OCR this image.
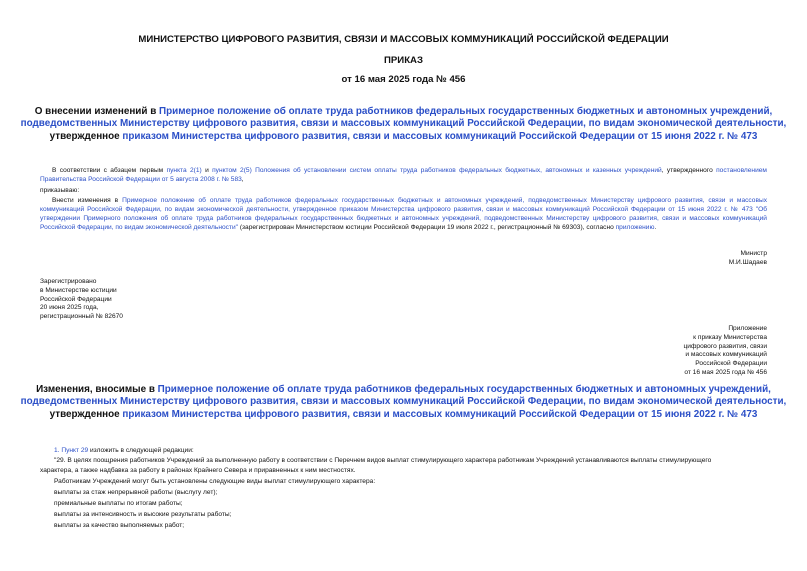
МИНИСТЕРСТВО ЦИФРОВОГО РАЗВИТИЯ, СВЯЗИ И МАССОВЫХ КОММУНИКАЦИЙ РОССИЙСКОЙ ФЕДЕРАЦИИ
ПРИКАЗ
от 16 мая 2025 года № 456
О внесении изменений в Примерное положение об оплате труда работников федеральных государственных бюджетных и автономных учреждений, подведомственных Министерству цифрового развития, связи и массовых коммуникаций Российской Федерации, по видам экономической деятельности, утвержденное приказом Министерства цифрового развития, связи и массовых коммуникаций Российской Федерации от 15 июня 2022 г. № 473
В соответствии с абзацем первым пункта 2(1) и пунктом 2(5) Положения об установлении систем оплаты труда работников федеральных бюджетных, автономных и казенных учреждений, утвержденного постановлением Правительства Российской Федерации от 5 августа 2008 г. № 583,
приказываю:
Внести изменения в Примерное положение об оплате труда работников федеральных государственных бюджетных и автономных учреждений, подведомственных Министерству цифрового развития, связи и массовых коммуникаций Российской Федерации, по видам экономической деятельности, утвержденное приказом Министерства цифрового развития, связи и массовых коммуникаций Российской Федерации от 15 июня 2022 г. № 473 "Об утверждении Примерного положения об оплате труда работников федеральных государственных бюджетных и автономных учреждений, подведомственных Министерству цифрового развития, связи и массовых коммуникаций Российской Федерации, по видам экономической деятельности" (зарегистрирован Министерством юстиции Российской Федерации 19 июля 2022 г., регистрационный № 69303), согласно приложению.
Министр
М.И.Шадаев
Зарегистрировано
в Министерстве юстиции
Российской Федерации
20 июня 2025 года,
регистрационный № 82670
Приложение
к приказу Министерства
цифрового развития, связи
и массовых коммуникаций
Российской Федерации
от 16 мая 2025 года № 456
Изменения, вносимые в Примерное положение об оплате труда работников федеральных государственных бюджетных и автономных учреждений, подведомственных Министерству цифрового развития, связи и массовых коммуникаций Российской Федерации, по видам экономической деятельности, утвержденное приказом Министерства цифрового развития, связи и массовых коммуникаций Российской Федерации от 15 июня 2022 г. № 473
1. Пункт 29 изложить в следующей редакции:
"29. В целях поощрения работников Учреждений за выполненную работу в соответствии с Перечнем видов выплат стимулирующего характера работникам Учреждений устанавливаются выплаты стимулирующего
характера, а также надбавка за работу в районах Крайнего Севера и приравненных к ним местностях.
Работникам Учреждений могут быть установлены следующие виды выплат стимулирующего характера:
выплаты за стаж непрерывной работы (выслугу лет);
премиальные выплаты по итогам работы;
выплаты за интенсивность и высокие результаты работы;
выплаты за качество выполняемых работ;
